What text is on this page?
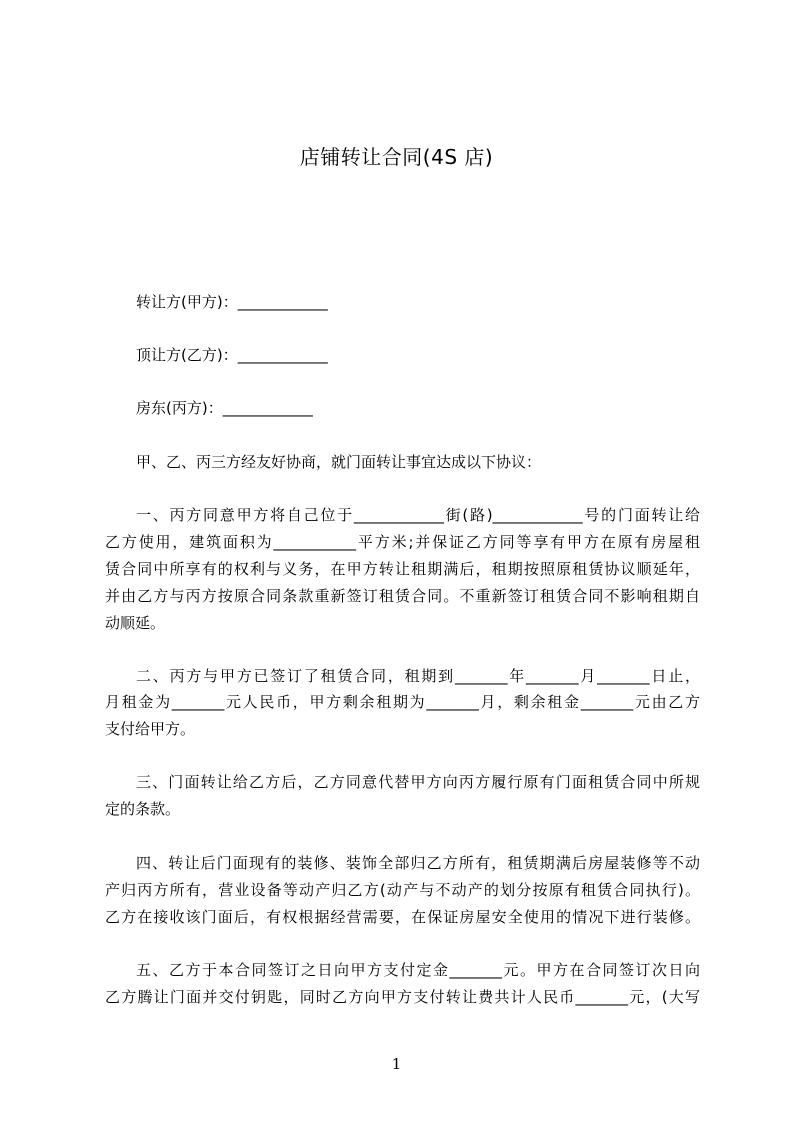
店铺转让合同(4S 店)
转让方(甲方)：____________
顶让方(乙方)：____________
房东(丙方)：____________
甲、乙、丙三方经友好协商，就门面转让事宜达成以下协议：
一、丙方同意甲方将自己位于____________街(路)____________号的门面转让给
乙方使用，建筑面积为___________平方米;并保证乙方同等享有甲方在原有房屋租
赁合同中所享有的权利与义务，在甲方转让租期满后，租期按照原租赁协议顺延年，
并由乙方与丙方按原合同条款重新签订租赁合同。不重新签订租赁合同不影响租期自
动顺延。
二、丙方与甲方已签订了租赁合同，租期到_______年_______月_______日止，
月租金为_______元人民币，甲方剩余租期为_______月，剩余租金_______元由乙方
支付给甲方。
三、门面转让给乙方后，乙方同意代替甲方向丙方履行原有门面租赁合同中所规
定的条款。
四、转让后门面现有的装修、装饰全部归乙方所有，租赁期满后房屋装修等不动
产归丙方所有，营业设备等动产归乙方(动产与不动产的划分按原有租赁合同执行)。
乙方在接收该门面后，有权根据经营需要，在保证房屋安全使用的情况下进行装修。
五、乙方于本合同签订之日向甲方支付定金_______元。甲方在合同签订次日向
乙方腾让门面并交付钥匙，同时乙方向甲方支付转让费共计人民币_______元，(大写
1
